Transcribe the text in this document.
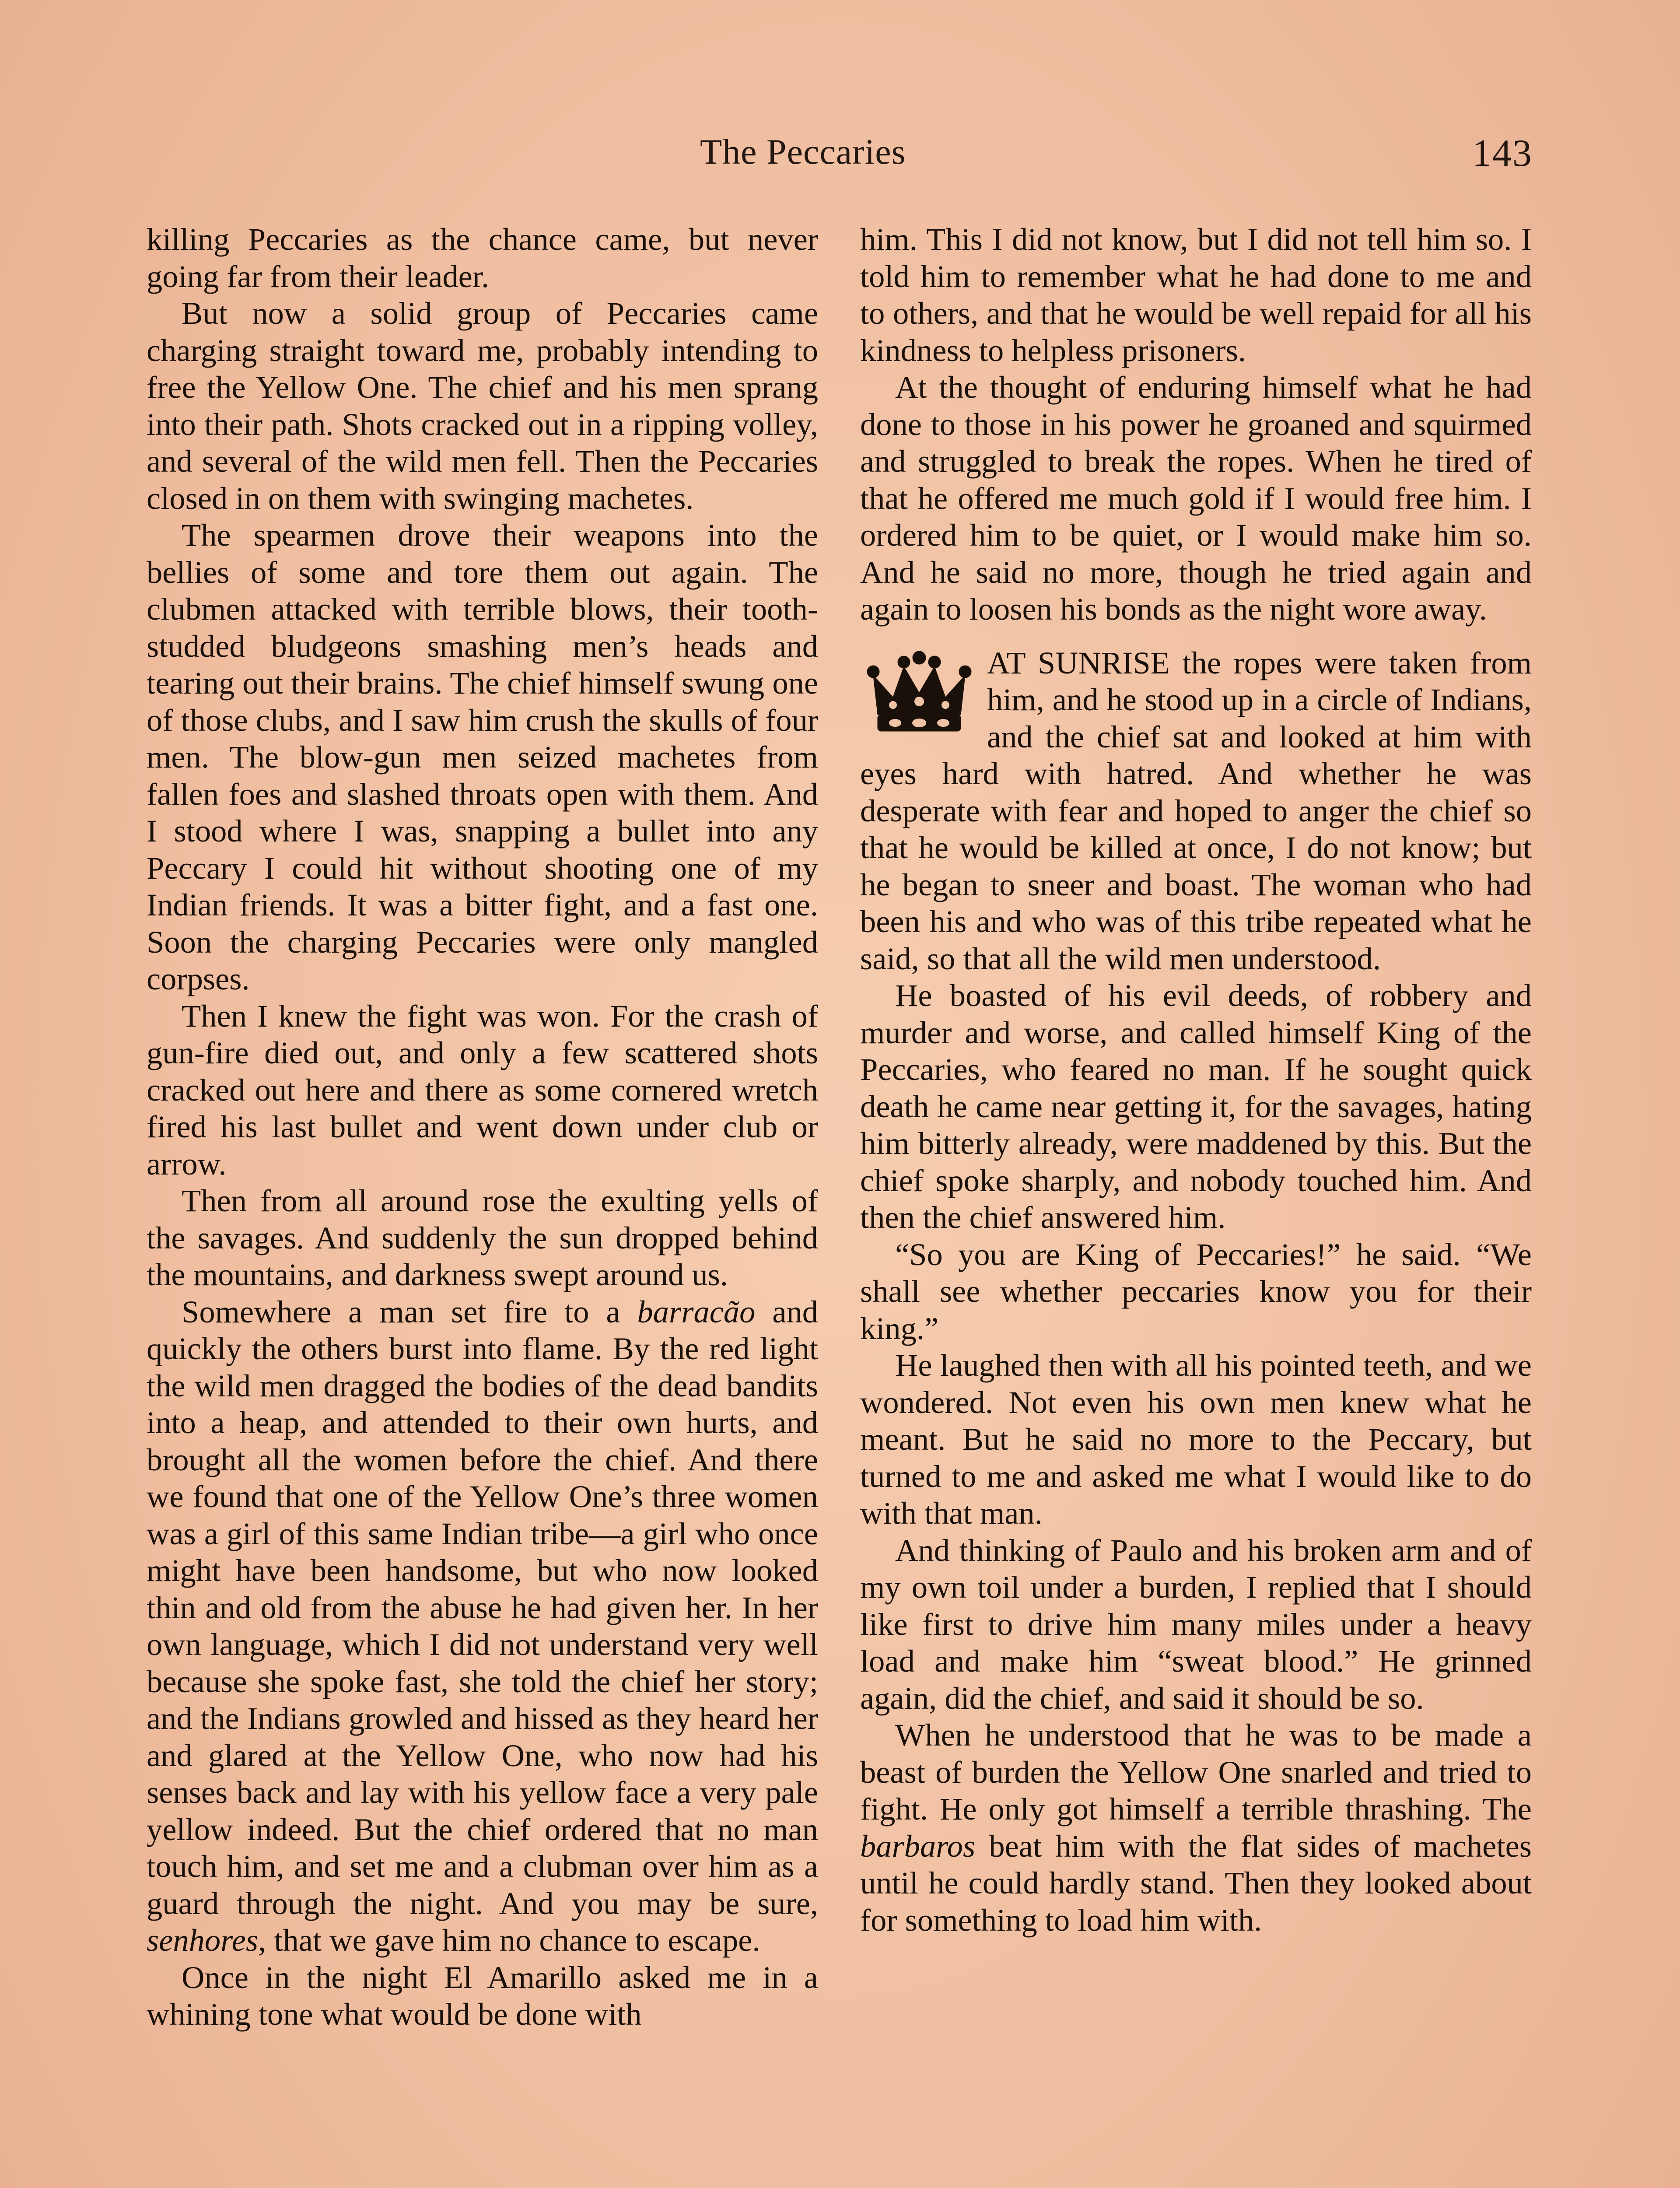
The Peccaries	143

killing Peccaries as the chance came, but never going far from their leader.

But now a solid group of Peccaries came charging straight toward me, probably intending to free the Yellow One. The chief and his men sprang into their path. Shots cracked out in a ripping volley, and several of the wild men fell. Then the Peccaries closed in on them with swinging machetes.

The spearmen drove their weapons into the bellies of some and tore them out again. The clubmen attacked with terrible blows, their tooth-studded bludgeons smashing men’s heads and tearing out their brains. The chief himself swung one of those clubs, and I saw him crush the skulls of four men. The blow-gun men seized machetes from fallen foes and slashed throats open with them. And I stood where I was, snapping a bullet into any Peccary I could hit without shooting one of my Indian friends. It was a bitter fight, and a fast one. Soon the charging Peccaries were only mangled corpses.

Then I knew the fight was won. For the crash of gun-fire died out, and only a few scattered shots cracked out here and there as some cornered wretch fired his last bullet and went down under club or arrow.

Then from all around rose the exulting yells of the savages. And suddenly the sun dropped behind the mountains, and darkness swept around us.

Somewhere a man set fire to a barracão and quickly the others burst into flame. By the red light the wild men dragged the bodies of the dead bandits into a heap, and attended to their own hurts, and brought all the women before the chief. And there we found that one of the Yellow One’s three women was a girl of this same Indian tribe—a girl who once might have been handsome, but who now looked thin and old from the abuse he had given her. In her own language, which I did not understand very well because she spoke fast, she told the chief her story; and the Indians growled and hissed as they heard her and glared at the Yellow One, who now had his senses back and lay with his yellow face a very pale yellow indeed. But the chief ordered that no man touch him, and set me and a clubman over him as a guard through the night. And you may be sure, senhores, that we gave him no chance to escape.

Once in the night El Amarillo asked me in a whining tone what would be done with

him. This I did not know, but I did not tell him so. I told him to remember what he had done to me and to others, and that he would be well repaid for all his kindness to helpless prisoners.

At the thought of enduring himself what he had done to those in his power he groaned and squirmed and struggled to break the ropes. When he tired of that he offered me much gold if I would free him. I ordered him to be quiet, or I would make him so. And he said no more, though he tried again and again to loosen his bonds as the night wore away.

AT SUNRISE the ropes were taken from him, and he stood up in a circle of Indians, and the chief sat and looked at him with eyes hard with hatred. And whether he was desperate with fear and hoped to anger the chief so that he would be killed at once, I do not know; but he began to sneer and boast. The woman who had been his and who was of this tribe repeated what he said, so that all the wild men understood.

He boasted of his evil deeds, of robbery and murder and worse, and called himself King of the Peccaries, who feared no man. If he sought quick death he came near getting it, for the savages, hating him bitterly already, were maddened by this. But the chief spoke sharply, and nobody touched him. And then the chief answered him.

“So you are King of Peccaries!” he said. “We shall see whether peccaries know you for their king.”

He laughed then with all his pointed teeth, and we wondered. Not even his own men knew what he meant. But he said no more to the Peccary, but turned to me and asked me what I would like to do with that man.

And thinking of Paulo and his broken arm and of my own toil under a burden, I replied that I should like first to drive him many miles under a heavy load and make him “sweat blood.” He grinned again, did the chief, and said it should be so.

When he understood that he was to be made a beast of burden the Yellow One snarled and tried to fight. He only got himself a terrible thrashing. The barbaros beat him with the flat sides of machetes until he could hardly stand. Then they looked about for something to load him with.
